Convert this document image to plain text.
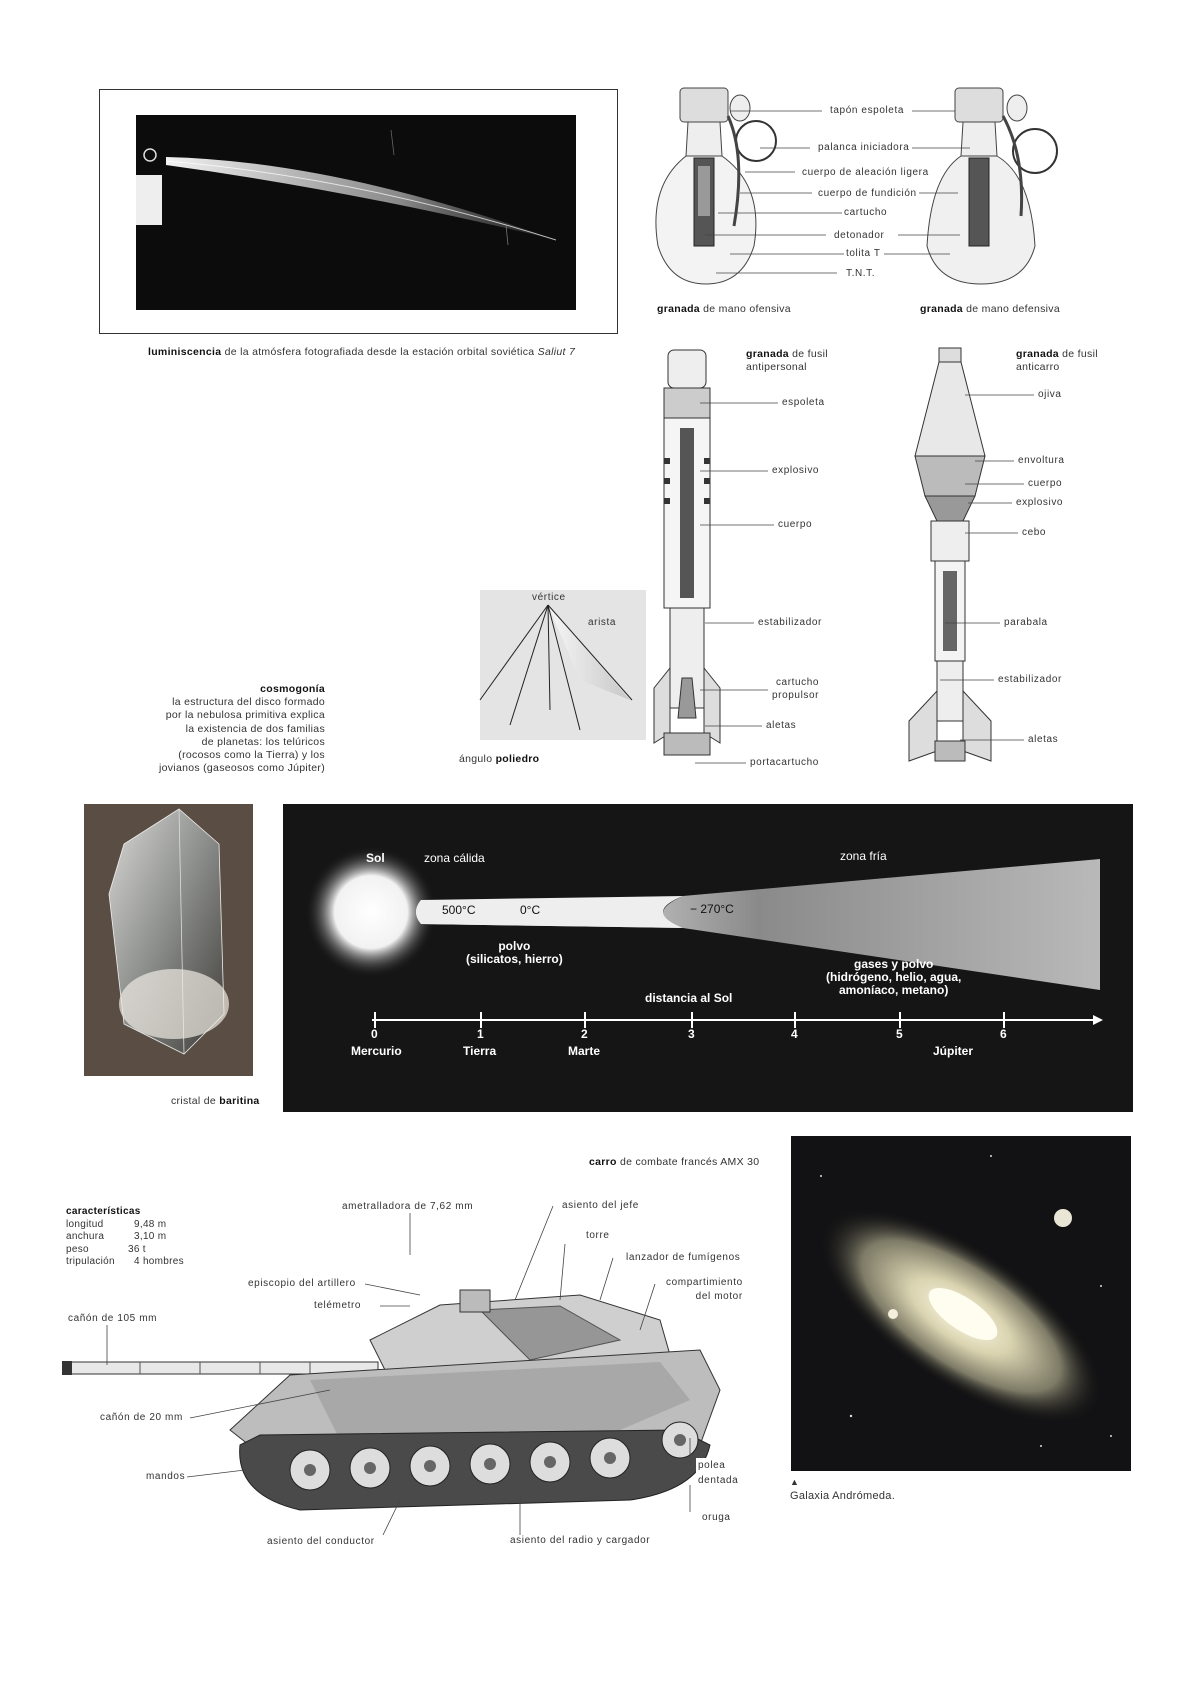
luminiscencia de la atmósfera fotografiada desde la estación orbital soviética Saliut 7
tapón espoleta
palanca iniciadora
cuerpo de aleación ligera
cuerpo de fundición
cartucho
detonador
tolita T
T.N.T.
granada de mano ofensiva	granada de mano defensiva
granada de fusil
antipersonal
espoleta
explosivo
cuerpo
estabilizador
cartucho
propulsor
aletas
portacartucho
granada de fusil
anticarro
ojiva
envoltura
cuerpo
explosivo
cebo
parabala
estabilizador
aletas
vértice
arista
ángulo poliedro
cosmogonía
la estructura del disco formado
por la nebulosa primitiva explica
la existencia de dos familias
de planetas: los telúricos
(rocosos como la Tierra) y los
jovianos (gaseosos como Júpiter)
cristal de baritina
Sol	zona cálida	zona fría
500°C	0°C	− 270°C
polvo
(silicatos, hierro)	gases y polvo
(hidrógeno, helio, agua,
amoníaco, metano)
distancia al Sol
0	1	2	3	4	5	6
Mercurio	Tierra	Marte	Júpiter
carro de combate francés AMX 30
características
longitud	9,48 m
anchura	3,10 m
peso	36 t
tripulación	4 hombres
ametralladora de 7,62 mm	asiento del jefe
torre
lanzador de fumígenos
compartimiento
del motor
episcopio del artillero
telémetro
cañón de 105 mm
cañón de 20 mm
mandos
polea
dentada
oruga
asiento del conductor	asiento del radio y cargador
▲
Galaxia Andrómeda.
